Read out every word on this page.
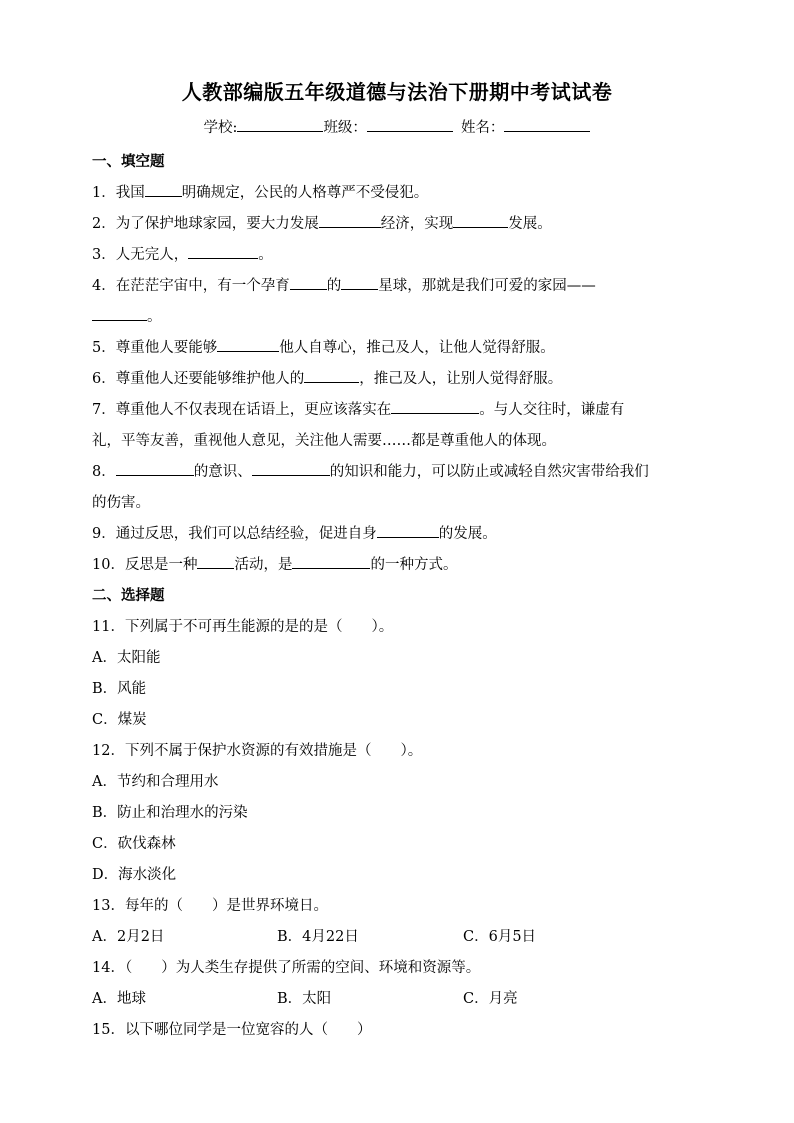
人教部编版五年级道德与法治下册期中考试试卷
学校:	班级：	姓名：
一、填空题
1．我国	明确规定，公民的人格尊严不受侵犯。
2．为了保护地球家园，要大力发展	经济，实现	发展。
3．人无完人，	。
4．在茫茫宇宙中，有一个孕育	的	星球，那就是我们可爱的家园——
。
5．尊重他人要能够	他人自尊心，推己及人，让他人觉得舒服。
6．尊重他人还要能够维护他人的	，推己及人，让别人觉得舒服。
7．尊重他人不仅表现在话语上，更应该落实在	。与人交往时，谦虚有
礼，平等友善，重视他人意见，关注他人需要……都是尊重他人的体现。
8．	的意识、	的知识和能力，可以防止或减轻自然灾害带给我们
的伤害。
9．通过反思，我们可以总结经验，促进自身	的发展。
10．反思是一种	活动，是	的一种方式。
二、选择题
11．下列属于不可再生能源的是的是（　　）。
A．太阳能
B．风能
C．煤炭
12．下列不属于保护水资源的有效措施是（　　）。
A．节约和合理用水
B．防止和治理水的污染
C．砍伐森林
D．海水淡化
13．每年的（　　）是世界环境日。
A．2月2日	B．4月22日	C．6月5日
14．（　　）为人类生存提供了所需的空间、环境和资源等。
A．地球	B．太阳	C．月亮
15．以下哪位同学是一位宽容的人（　　）
